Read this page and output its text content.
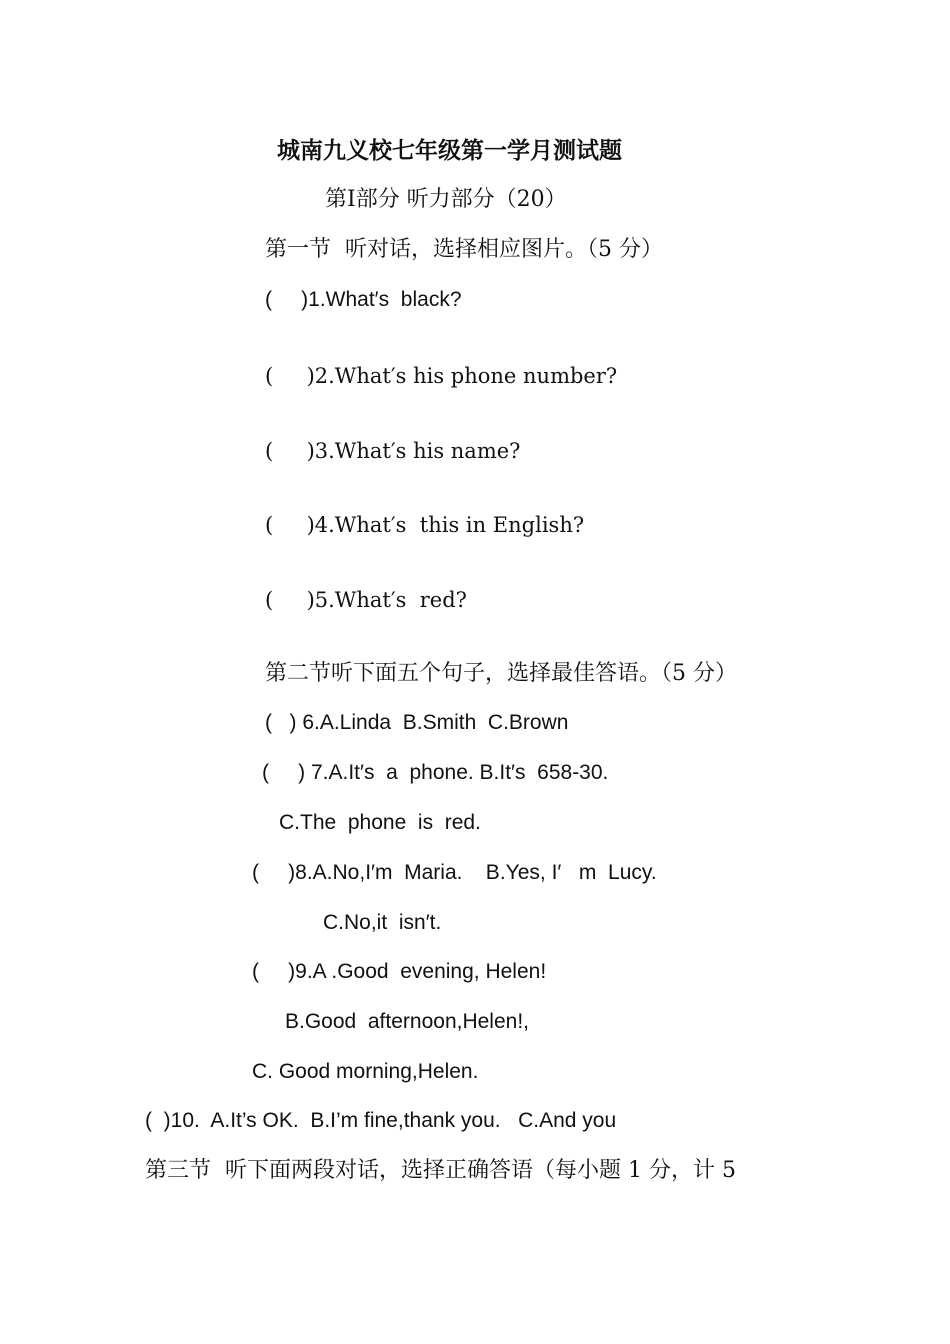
城南九义校七年级第一学月测试题
第Ⅰ部分 听力部分（20）
第一节  听对话，选择相应图片。（5 分）
(     )1.What′s  black?
(     )2.What′s his phone number?
(     )3.What′s his name?
(     )4.What′s  this in English?
(     )5.What′s  red?
第二节听下面五个句子，选择最佳答语。（5 分）
(   ) 6.A.Linda  B.Smith  C.Brown
(     ) 7.A.It′s  a  phone. B.It′s  658-30.
C.The  phone  is  red.
(     )8.A.No,I′m  Maria.    B.Yes, I′   m  Lucy.
C.No,it  isn′t.
(     )9.A .Good  evening, Helen!
B.Good  afternoon,Helen!,
C. Good morning,Helen.
(  )10.  A.It’s OK.  B.I’m fine,thank you.   C.And you
第三节  听下面两段对话，选择正确答语（每小题 1 分，计 5
